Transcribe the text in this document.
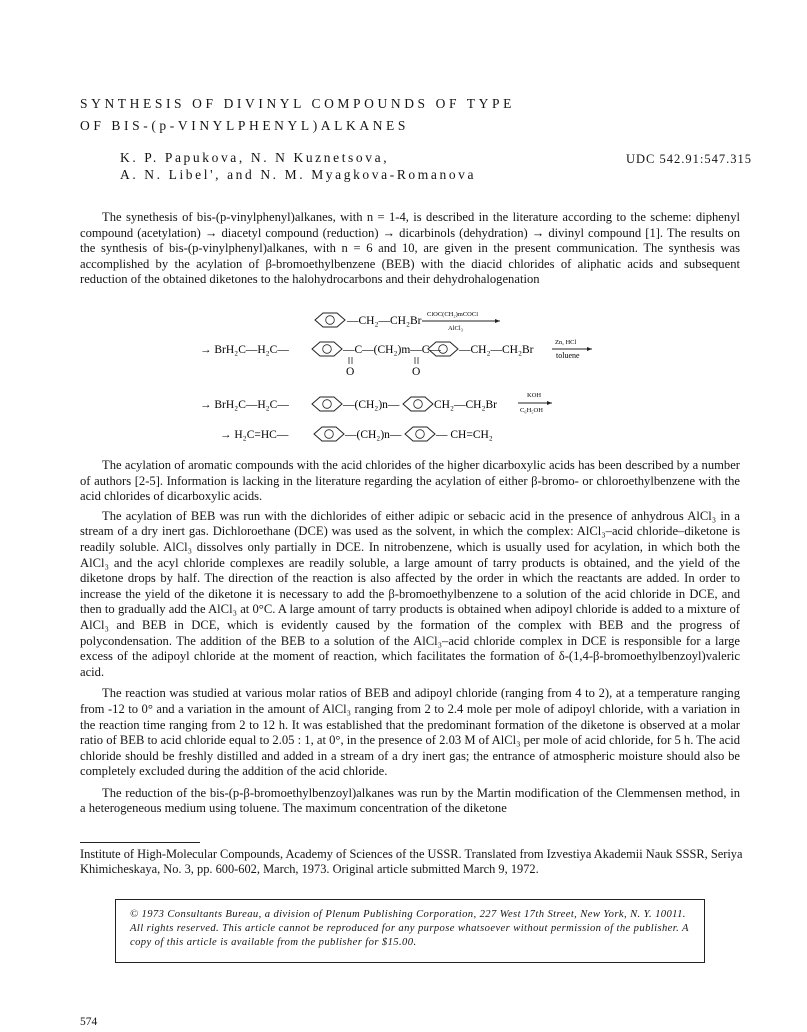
SYNTHESIS OF DIVINYL COMPOUNDS OF TYPE
OF BIS-(p-VINYLPHENYL)ALKANES
K. P. Papukova, N. N Kuznetsova,
A. N. Libel', and N. M. Myagkova-Romanova
UDC 542.91:547.315

The synethesis of bis-(p-vinylphenyl)alkanes, with n = 1-4, is described in the literature according to the scheme: diphenyl compound (acetylation) → diacetyl compound (reduction) → dicarbinols (dehydration) → divinyl compound [1]. The results on the synthesis of bis-(p-vinylphenyl)alkanes, with n = 6 and 10, are given in the present communication. The synthesis was accomplished by the acylation of β-bromoethylbenzene (BEB) with the diacid chlorides of aliphatic acids and subsequent reduction of the obtained diketones to the halohydrocarbons and their dehydrohalogenation

—CH₂—CH₂Br
ClOC(CH₂)mCOCl
AlCl₃
→ BrH₂C—H₂C—	—C—(CH₂)m—C— —CH₂—CH₂Br
Zn, HCl
toluene
O	O
→ BrH₂C—H₂C—	—(CH₂)n—	CH₂—CH₂Br
KOH
C₆H₅OH
→ H₂C=HC—	—(CH₂)n—	— CH=CH₂

The acylation of aromatic compounds with the acid chlorides of the higher dicarboxylic acids has been described by a number of authors [2-5]. Information is lacking in the literature regarding the acylation of either β-bromo- or chloroethylbenzene with the acid chlorides of dicarboxylic acids.

The acylation of BEB was run with the dichlorides of either adipic or sebacic acid in the presence of anhydrous AlCl₃ in a stream of a dry inert gas. Dichloroethane (DCE) was used as the solvent, in which the complex: AlCl₃–acid chloride–diketone is readily soluble. AlCl₃ dissolves only partially in DCE. In nitrobenzene, which is usually used for acylation, in which both the AlCl₃ and the acyl chloride complexes are readily soluble, a large amount of tarry products is obtained, and the yield of the diketone drops by half. The direction of the reaction is also affected by the order in which the reactants are added. In order to increase the yield of the diketone it is necessary to add the β-bromoethylbenzene to a solution of the acid chloride in DCE, and then to gradually add the AlCl₃ at 0°C. A large amount of tarry products is obtained when adipoyl chloride is added to a mixture of AlCl₃ and BEB in DCE, which is evidently caused by the formation of the complex with BEB and the progress of polycondensation. The addition of the BEB to a solution of the AlCl₃–acid chloride complex in DCE is responsible for a large excess of the adipoyl chloride at the moment of reaction, which facilitates the formation of δ-(1,4-β-bromoethylbenzoyl)valeric acid.

The reaction was studied at various molar ratios of BEB and adipoyl chloride (ranging from 4 to 2), at a temperature ranging from -12 to 0° and a variation in the amount of AlCl₃ ranging from 2 to 2.4 mole per mole of adipoyl chloride, with a variation in the reaction time ranging from 2 to 12 h. It was established that the predominant formation of the diketone is observed at a molar ratio of BEB to acid chloride equal to 2.05 : 1, at 0°, in the presence of 2.03 M of AlCl₃ per mole of acid chloride, for 5 h. The acid chloride should be freshly distilled and added in a stream of a dry inert gas; the entrance of atmospheric moisture should also be completely excluded during the addition of the acid chloride.

The reduction of the bis-(p-β-bromoethylbenzoyl)alkanes was run by the Martin modification of the Clemmensen method, in a heterogeneous medium using toluene. The maximum concentration of the diketone

Institute of High-Molecular Compounds, Academy of Sciences of the USSR. Translated from Izvestiya Akademii Nauk SSSR, Seriya Khimicheskaya, No. 3, pp. 600-602, March, 1973. Original article submitted March 9, 1972.
© 1973 Consultants Bureau, a division of Plenum Publishing Corporation, 227 West 17th Street, New York, N. Y. 10011. All rights reserved. This article cannot be reproduced for any purpose whatsoever without permission of the publisher. A copy of this article is available from the publisher for $15.00.
574
